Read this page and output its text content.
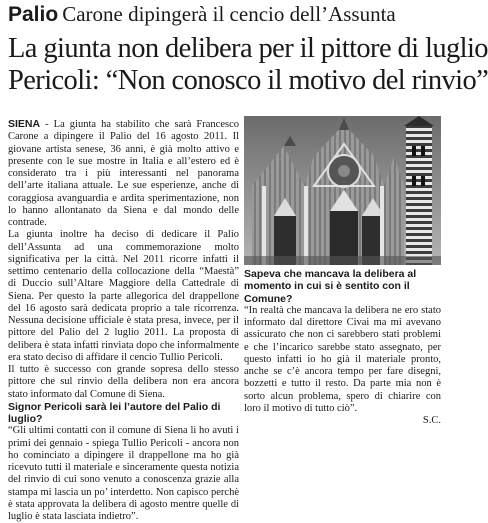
Palio Carone dipingerà il cencio dell’Assunta
La giunta non delibera per il pittore di luglio
Pericoli: “Non conosco il motivo del rinvio”

SIENA - La giunta ha stabilito che sarà Francesco Carone a dipingere il Palio del 16 agosto 2011. Il giovane artista senese, 36 anni, è già molto attivo e presente con le sue mostre in Italia e all’estero ed è considerato tra i più interessanti nel panorama dell’arte italiana attuale. Le sue esperienze, anche di coraggiosa avanguardia e ardita sperimentazione, non lo hanno allontanato da Siena e dal mondo delle contrade.

La giunta inoltre ha deciso di dedicare il Palio dell’Assunta ad una commemorazione molto significativa per la città. Nel 2011 ricorre infatti il settimo centenario della collocazione della “Maestà” di Duccio sull’Altare Maggiore della Cattedrale di Siena. Per questo la parte allegorica del drappellone del 16 agosto sarà dedicata proprio a tale ricorrenza. Nessuna decisione ufficiale è stata presa, invece, per il pittore del Palio del 2 luglio 2011. La proposta di delibera è stata infatti rinviata dopo che informalmente era stato deciso di affidare il cencio Tullio Pericoli.

Il tutto è successo con grande sopresa dello stesso pittore che sul rinvio della delibera non era ancora stato informato dal Comune di Siena.

Signor Pericoli sarà lei l’autore del Palio di luglio?

“Gli ultimi contatti con il comune di Siena li ho avuti i primi dei gennaio - spiega Tullio Pericoli - ancora non ho cominciato a dipingere il drappellone ma ho già ricevuto tutti il materiale e sinceramente questa notizia del rinvio di cui sono venuto a conoscenza grazie alla stampa mi lascia un po’ interdetto. Non capisco perchè è stata approvata la delibera di agosto mentre quelle di luglio è stata lasciata indietro”.

Sapeva che mancava la delibera al momento in cui si è sentito con il Comune?

“In realtà che mancava la delibera ne ero stato informato dal direttore Civai ma mi avevano assicurato che non ci sarebbero stati problemi e che l’incarico sarebbe stato assegnato, per questo infatti io ho già il materiale pronto, anche se c’è ancora tempo per fare disegni, bozzetti e tutto il resto. Da parte mia non è sorto alcun problema, spero di chiarire con loro il motivo di tutto ciò”.

S.C.
